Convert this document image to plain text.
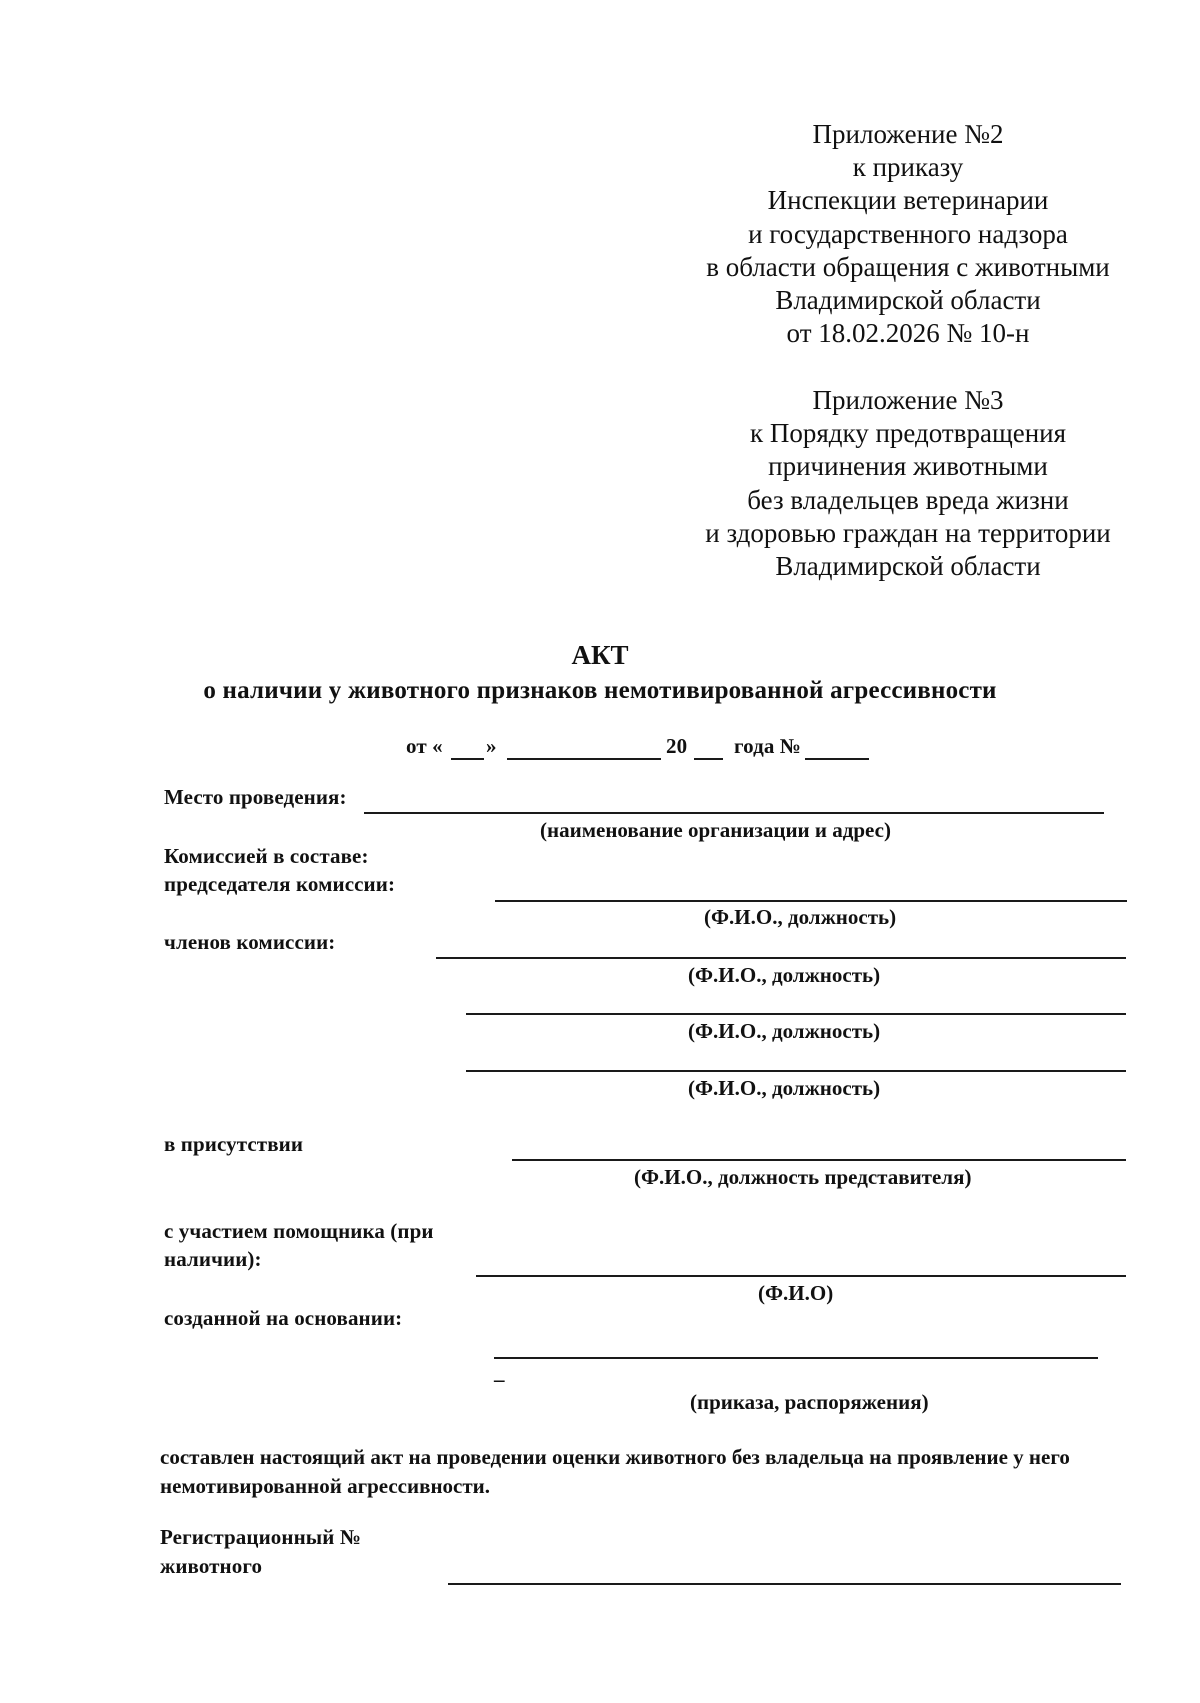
Приложение №2
к приказу
Инспекции ветеринарии
и государственного надзора
в области обращения с животными
Владимирской области
от 18.02.2026 № 10-н
Приложение №3
к Порядку предотвращения
причинения животными
без владельцев вреда жизни
и здоровью граждан на территории
Владимирской области
АКТ
о наличии у животного признаков немотивированной агрессивности
от « »	20 года №
Место проведения:
(наименование организации и адрес)
Комиссией в составе:
председателя комиссии:
(Ф.И.О., должность)
членов комиссии:
(Ф.И.О., должность)
(Ф.И.О., должность)
(Ф.И.О., должность)
в присутствии
(Ф.И.О., должность представителя)
с участием помощника (при
наличии):
(Ф.И.О)
созданной на основании:
_
(приказа, распоряжения)
составлен настоящий акт на проведении оценки животного без владельца на проявление у него немотивированной агрессивности.
Регистрационный №
животного
